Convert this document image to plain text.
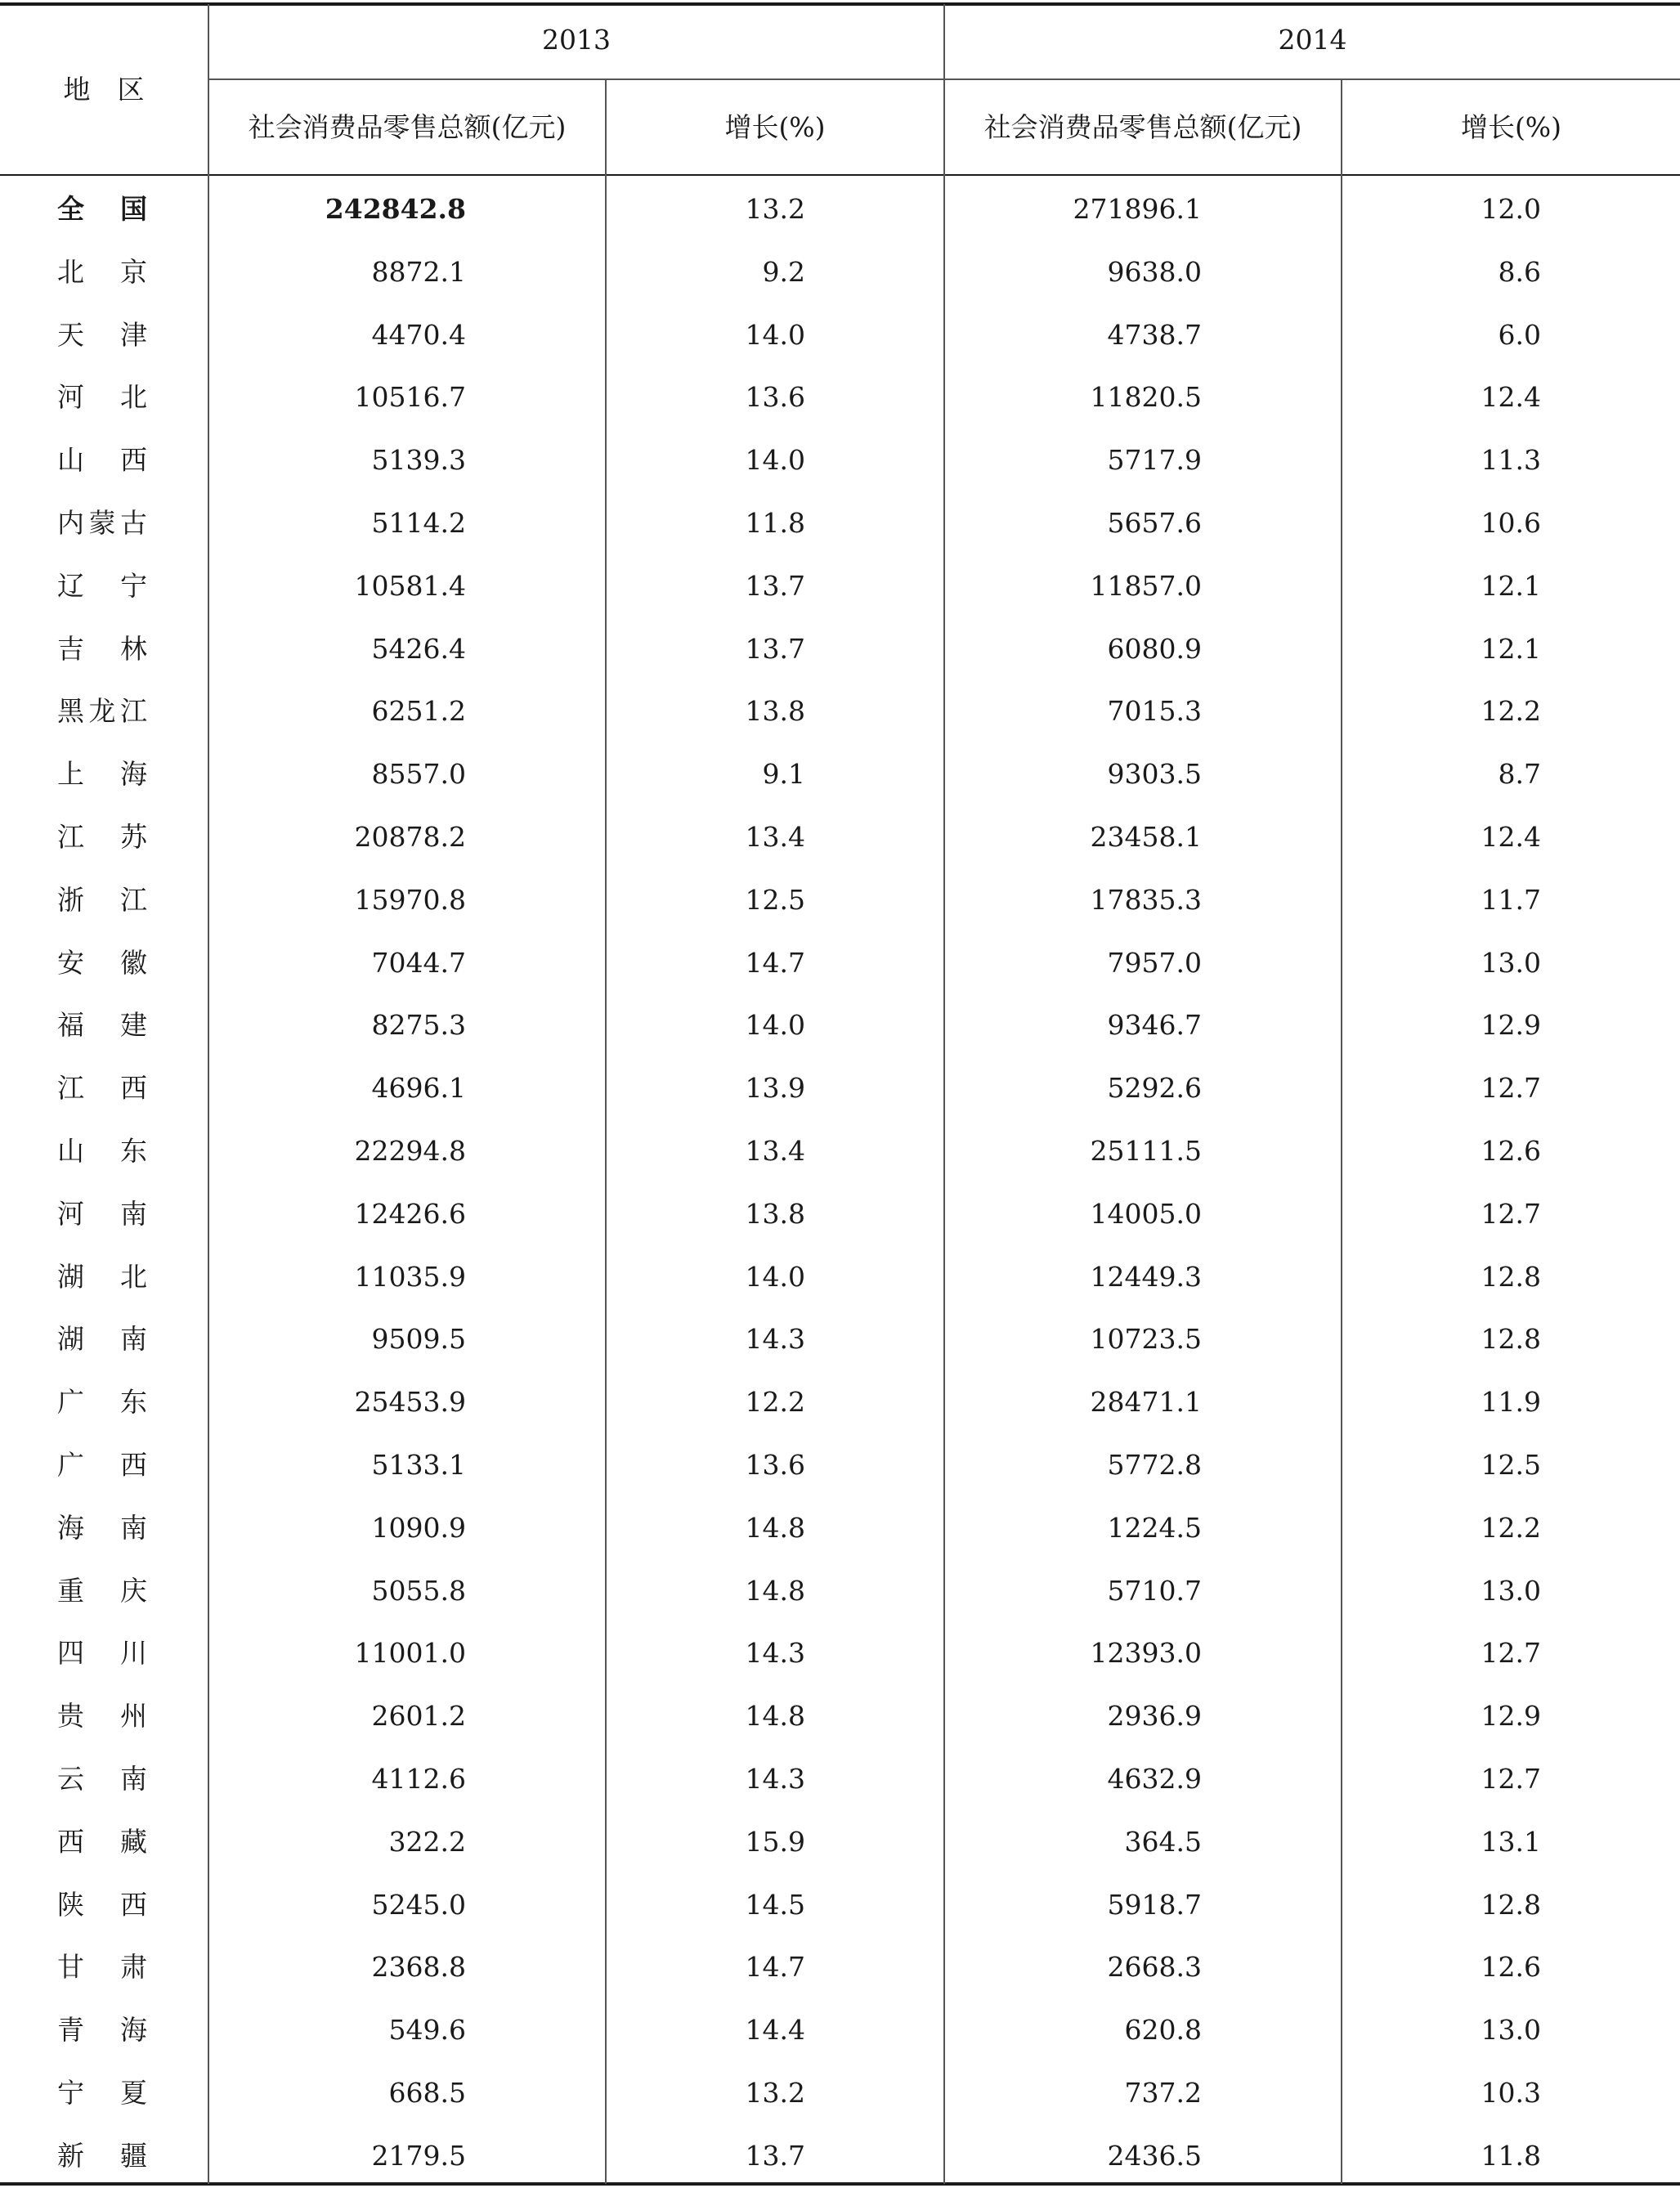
地　区
2013	2014
社会消费品零售总额(亿元)	增长(%)	社会消费品零售总额(亿元)	增长(%)
全国	242842.8	13.2	271896.1	12.0
北京	8872.1	9.2	9638.0	8.6
天津	4470.4	14.0	4738.7	6.0
河北	10516.7	13.6	11820.5	12.4
山西	5139.3	14.0	5717.9	11.3
内蒙古	5114.2	11.8	5657.6	10.6
辽宁	10581.4	13.7	11857.0	12.1
吉林	5426.4	13.7	6080.9	12.1
黑龙江	6251.2	13.8	7015.3	12.2
上海	8557.0	9.1	9303.5	8.7
江苏	20878.2	13.4	23458.1	12.4
浙江	15970.8	12.5	17835.3	11.7
安徽	7044.7	14.7	7957.0	13.0
福建	8275.3	14.0	9346.7	12.9
江西	4696.1	13.9	5292.6	12.7
山东	22294.8	13.4	25111.5	12.6
河南	12426.6	13.8	14005.0	12.7
湖北	11035.9	14.0	12449.3	12.8
湖南	9509.5	14.3	10723.5	12.8
广东	25453.9	12.2	28471.1	11.9
广西	5133.1	13.6	5772.8	12.5
海南	1090.9	14.8	1224.5	12.2
重庆	5055.8	14.8	5710.7	13.0
四川	11001.0	14.3	12393.0	12.7
贵州	2601.2	14.8	2936.9	12.9
云南	4112.6	14.3	4632.9	12.7
西藏	322.2	15.9	364.5	13.1
陕西	5245.0	14.5	5918.7	12.8
甘肃	2368.8	14.7	2668.3	12.6
青海	549.6	14.4	620.8	13.0
宁夏	668.5	13.2	737.2	10.3
新疆	2179.5	13.7	2436.5	11.8
